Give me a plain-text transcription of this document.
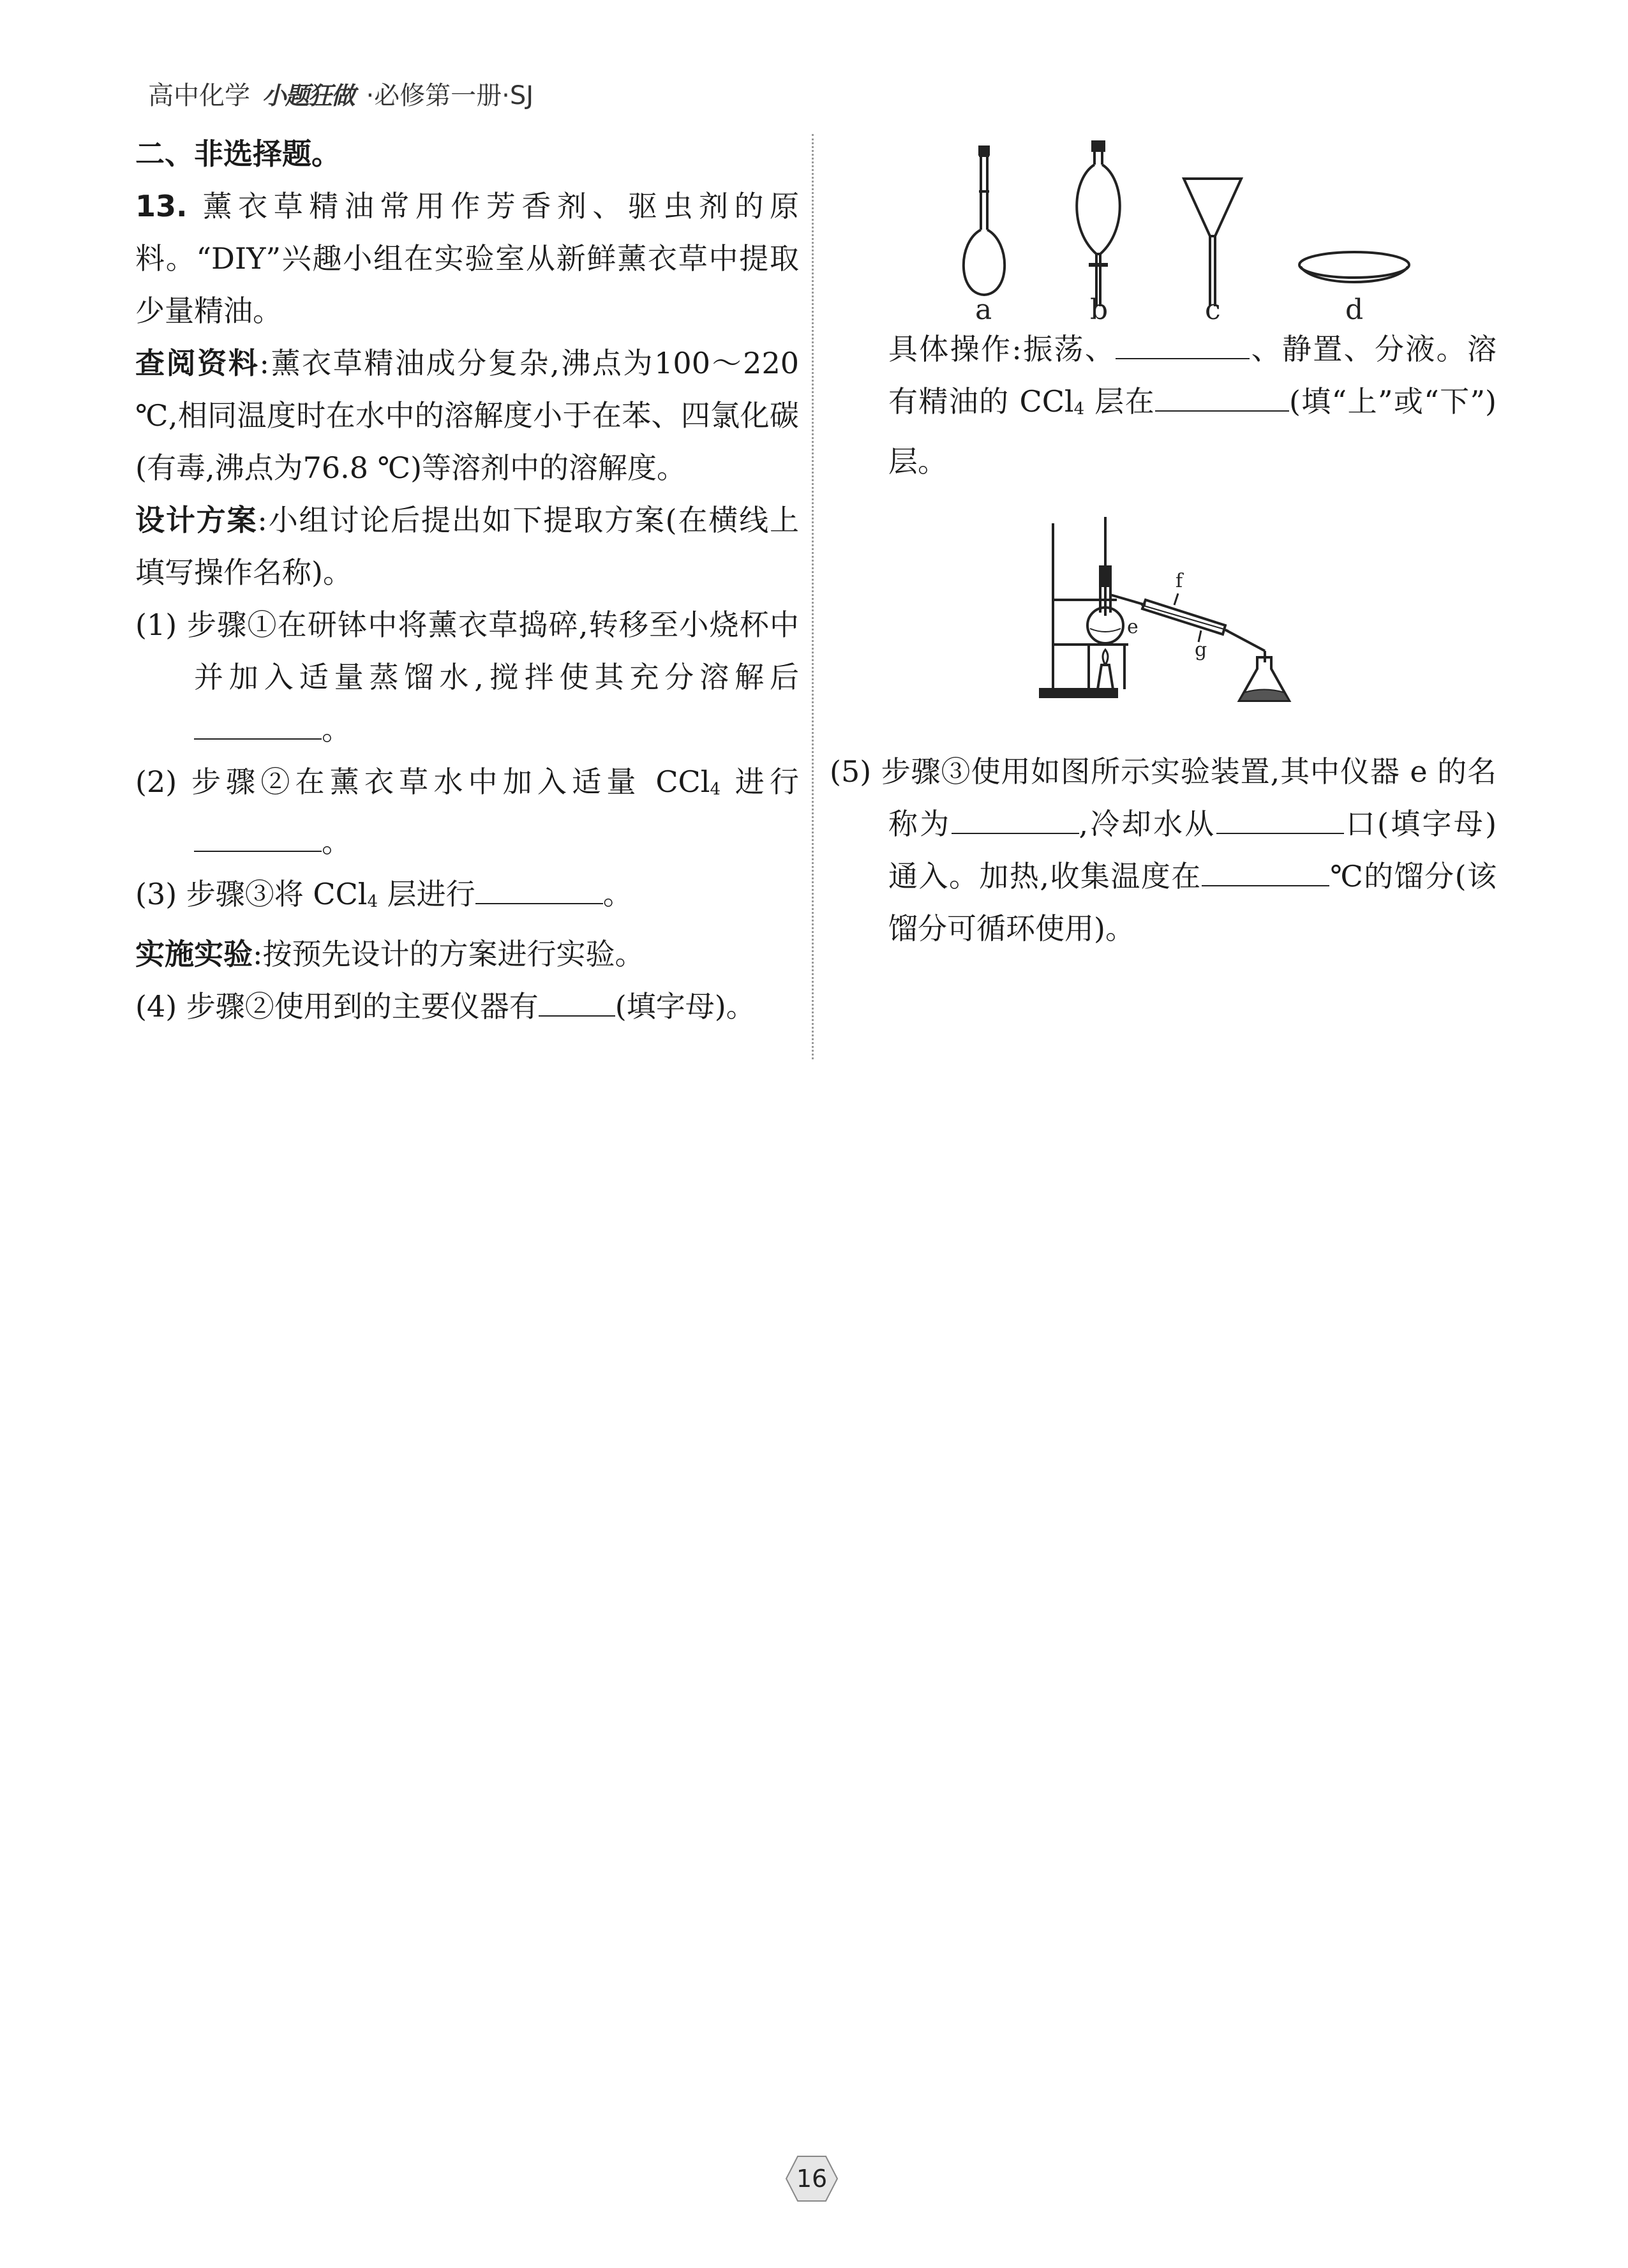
高中化学 小题狂做 ·必修第一册·SJ

二、非选择题。

13. 薰衣草精油常用作芳香剂、驱虫剂的原料。“DIY”兴趣小组在实验室从新鲜薰衣草中提取少量精油。

查阅资料:薰衣草精油成分复杂,沸点为100～220 ℃,相同温度时在水中的溶解度小于在苯、四氯化碳(有毒,沸点为76.8 ℃)等溶剂中的溶解度。

设计方案:小组讨论后提出如下提取方案(在横线上填写操作名称)。

(1) 步骤①在研钵中将薰衣草捣碎,转移至小烧杯中并加入适量蒸馏水,搅拌使其充分溶解后。

(2) 步骤②在薰衣草水中加入适量 CCl$_4$ 进行 。

(3) 步骤③将 CCl$_4$ 层进行	。

实施实验:按预先设计的方案进行实验。

(4) 步骤②使用到的主要仪器有	(填字母)。

a	b	c	d

具体操作:振荡、	、静置、分液。溶有精油的 CCl$_4$ 层在	(填“上”或“下”)层。

f
e
g

(5) 步骤③使用如图所示实验装置,其中仪器 e 的名称为	,冷却水从	口(填字母)通入。加热,收集温度在	℃的馏分(该馏分可循环使用)。

16
